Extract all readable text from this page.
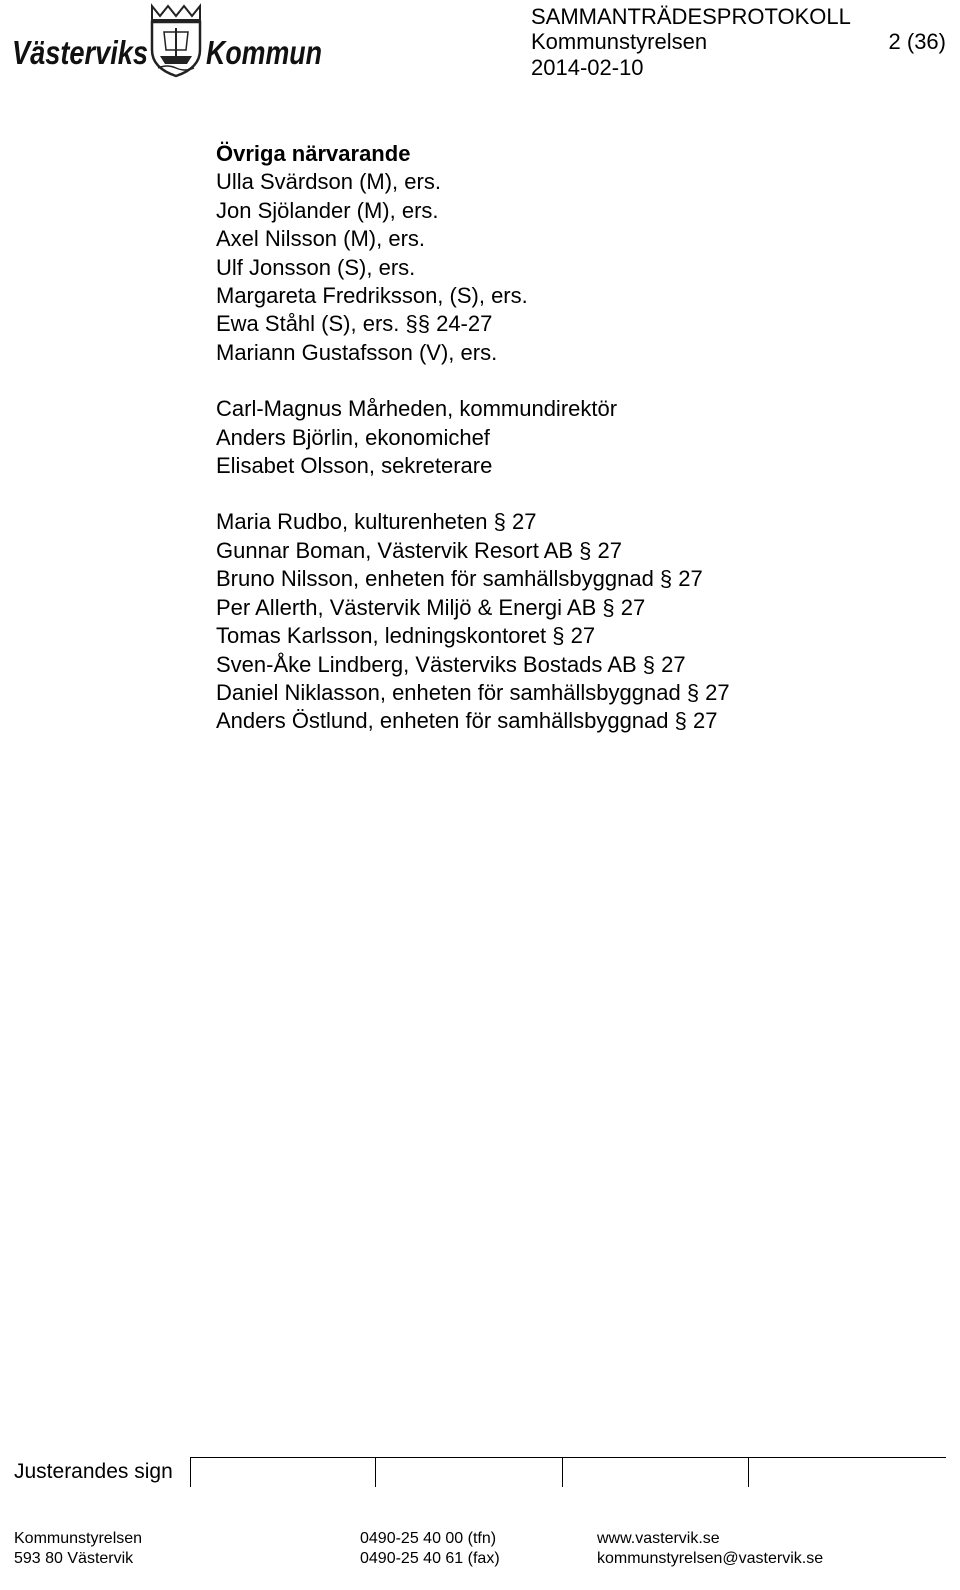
Västerviks Kommun
SAMMANTRÄDESPROTOKOLL
Kommunstyrelsen	2 (36)
2014-02-10
Övriga närvarande
Ulla Svärdson (M), ers.
Jon Sjölander (M), ers.
Axel Nilsson (M), ers.
Ulf Jonsson (S), ers.
Margareta Fredriksson, (S), ers.
Ewa Ståhl (S), ers. §§ 24-27
Mariann Gustafsson (V), ers.
Carl-Magnus Mårheden, kommundirektör
Anders Björlin, ekonomichef
Elisabet Olsson, sekreterare
Maria Rudbo, kulturenheten § 27
Gunnar Boman, Västervik Resort AB § 27
Bruno Nilsson, enheten för samhällsbyggnad § 27
Per Allerth, Västervik Miljö & Energi AB § 27
Tomas Karlsson, ledningskontoret § 27
Sven-Åke Lindberg, Västerviks Bostads AB § 27
Daniel Niklasson, enheten för samhällsbyggnad § 27
Anders Östlund, enheten för samhällsbyggnad § 27
Justerandes sign
Kommunstyrelsen
593 80 Västervik
0490-25 40 00 (tfn)
0490-25 40 61 (fax)
www.vastervik.se
kommunstyrelsen@vastervik.se
